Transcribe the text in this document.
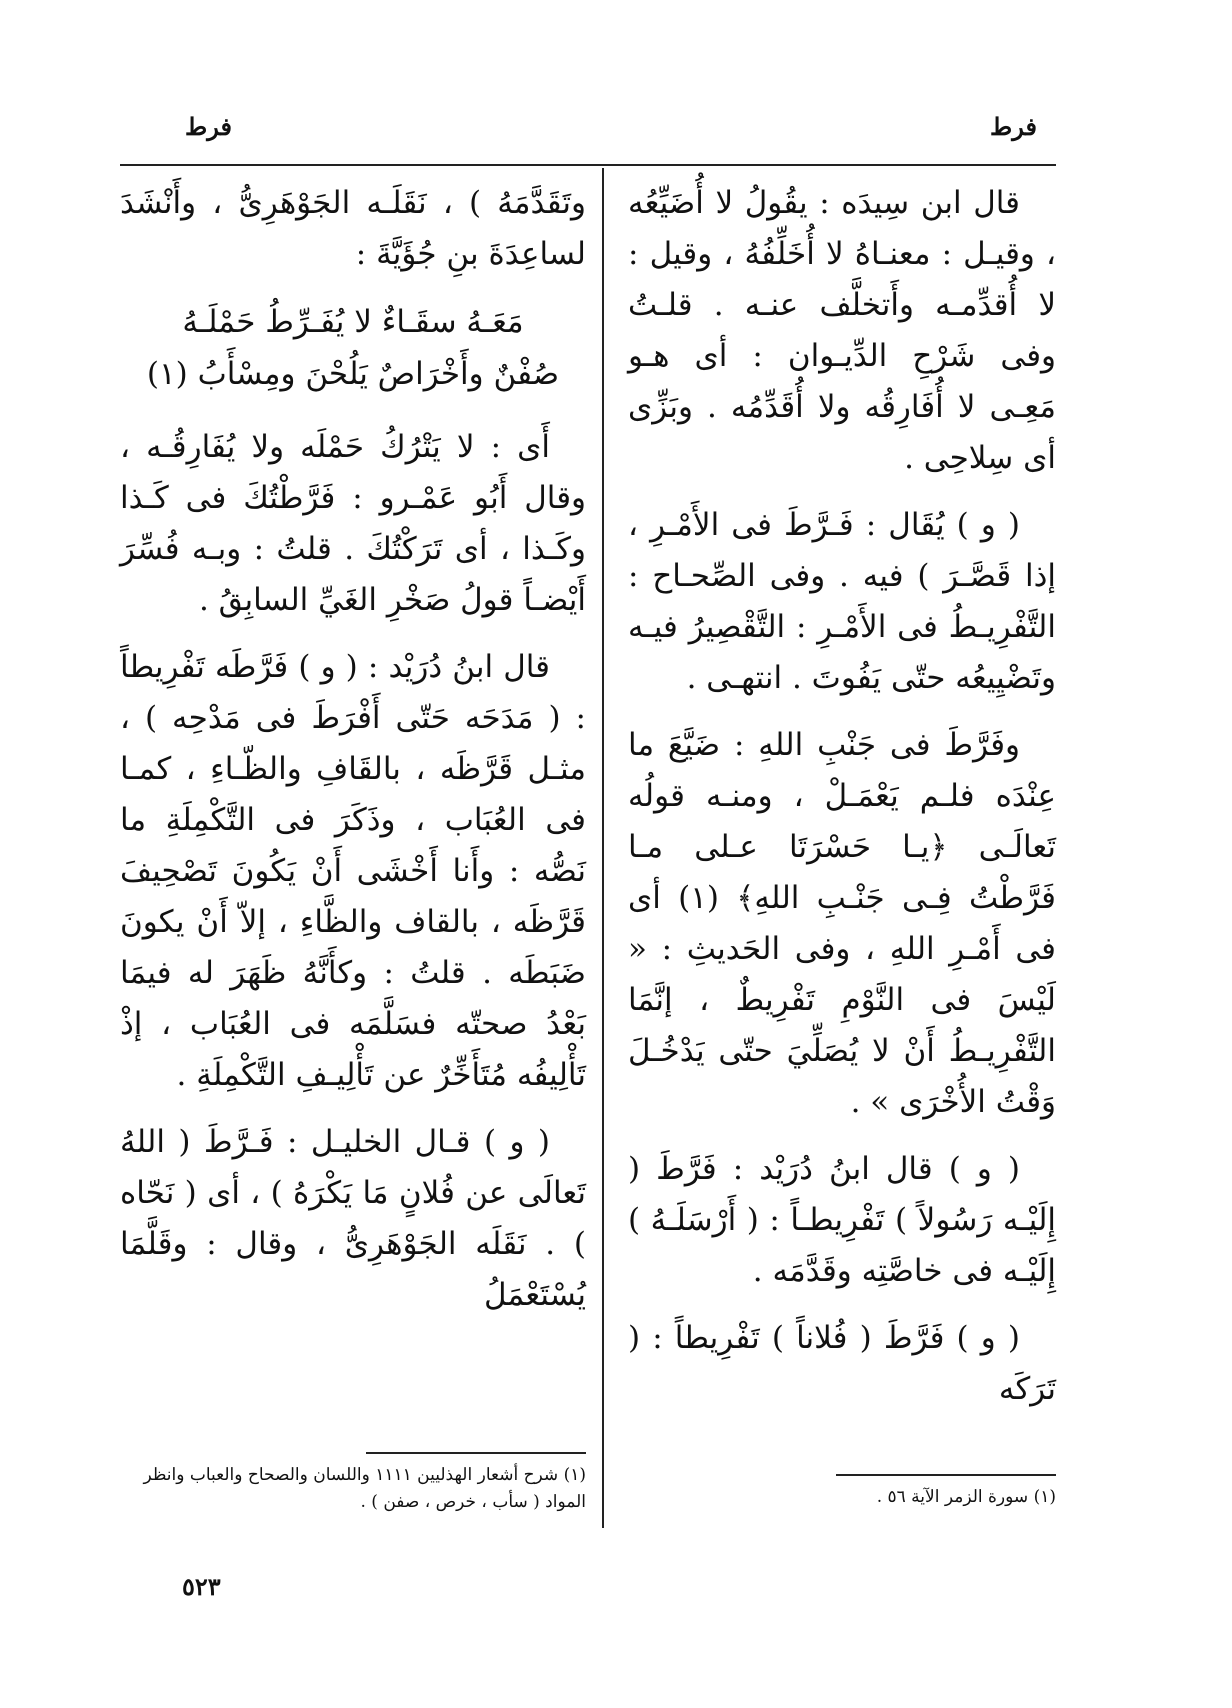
فرط	فرط

قال ابن سِيدَه : يقُولُ لا أُضَيِّعُه ، وقيـل : معنـاهُ لا أُخَلِّفُهُ ، وقيل : لا أُقدِّمـه وأَتخلَّف عنـه . قلـتُ وفى شَرْحِ الدِّيـوان : أى هـو مَعِـى لا أُفَارِقُه ولا أُقَدِّمُه . وبَزِّى أى سِلاحِى .

( و ) يُقَال : فَـرَّطَ فى الأَمْـرِ ، إذا قَصَّـرَ ) فيه . وفى الصِّحـاح : التَّفْرِيـطُ فى الأَمْـرِ : التَّقْصِيرُ فيـه وتَضْيِيعُه حتّى يَفُوتَ . انتهـى .

وفَرَّطَ فى جَنْبِ اللهِ : ضَيَّعَ ما عِنْدَه فلـم يَعْمَـلْ ، ومنـه قولُه تَعالَـى ﴿يـا حَسْرَتَا عـلى مـا فَرَّطْتُ فِـى جَنْـبِ اللهِ﴾ (١) أى فى أَمْـرِ اللهِ ، وفى الحَديثِ : « لَيْسَ فى النَّوْمِ تَفْرِيطٌ ، إنَّمَا التَّفْرِيـطُ أَنْ لا يُصَلِّيَ حتّى يَدْخُـلَ وَقْتُ الأُخْرَى » .

( و ) قال ابنُ دُرَيْد : فَرَّطَ ( إِلَيْـه رَسُولاً ) تَفْرِيطـاً : ( أَرْسَلَـهُ ) إِلَيْـه فى خاصَّتِه وقَدَّمَه .

( و ) فَرَّطَ ( فُلاناً ) تَفْرِيطاً : ( تَرَكَه

وتَقَدَّمَهُ ) ، نَقَلَـه الجَوْهَرِىُّ ، وأَنْشَدَ لساعِدَةَ بنِ جُؤَيَّةَ :

مَعَـهُ سقَـاءٌ لا يُفَـرِّطُ حَمْلَـهُ
صُفْنٌ وأَخْرَاصٌ يَلُحْنَ ومِسْأَبُ (١)

أَى : لا يَتْرُكُ حَمْلَه ولا يُفَارِقُـه ، وقال أَبُو عَمْـرو : فَرَّطْتُكَ فى كَـذا وكَـذا ، أى تَرَكْتُكَ . قلتُ : وبـه فُسِّرَ أَيْضـاً قولُ صَخْرِ الغَيِّ السابِقُ .

قال ابنُ دُرَيْد : ( و ) فَرَّطَه تَفْرِيطاً : ( مَدَحَه حَتّى أَفْرَطَ فى مَدْحِه ) ، مثـل قَرَّظَه ، بالقَافِ والظّـاءِ ، كمـا فى العُبَاب ، وذَكَرَ فى التَّكْمِلَةِ ما نَصُّه : وأَنا أَخْشَى أَنْ يَكُونَ تَصْحِيفَ قَرَّظَه ، بالقاف والظَّاءِ ، إلاّ أَنْ يكونَ ضَبَطَه . قلتُ : وكأَنَّهُ ظَهَرَ له فيمَا بَعْدُ صحتّه فسَلَّمَه فى العُبَاب ، إذْ تَأْلِيفُه مُتَأَخِّرٌ عن تَأْلِيـفِ التَّكْمِلَةِ .

( و ) قـال الخليـل : فَـرَّطَ ( اللهُ تَعالَى عن فُلانٍ مَا يَكْرَهُ ) ، أى ( نَحّاه ) . نَقَلَه الجَوْهَرِىُّ ، وقال : وقَلَّمَا يُسْتَعْمَلُ

(١) شرح أشعار الهذليين ١١١١ واللسان والصحاح والعباب وانظر المواد ( سأب ، خرص ، صفن ) .	(١) سورة الزمر الآية ٥٦ .
٥٢٣
